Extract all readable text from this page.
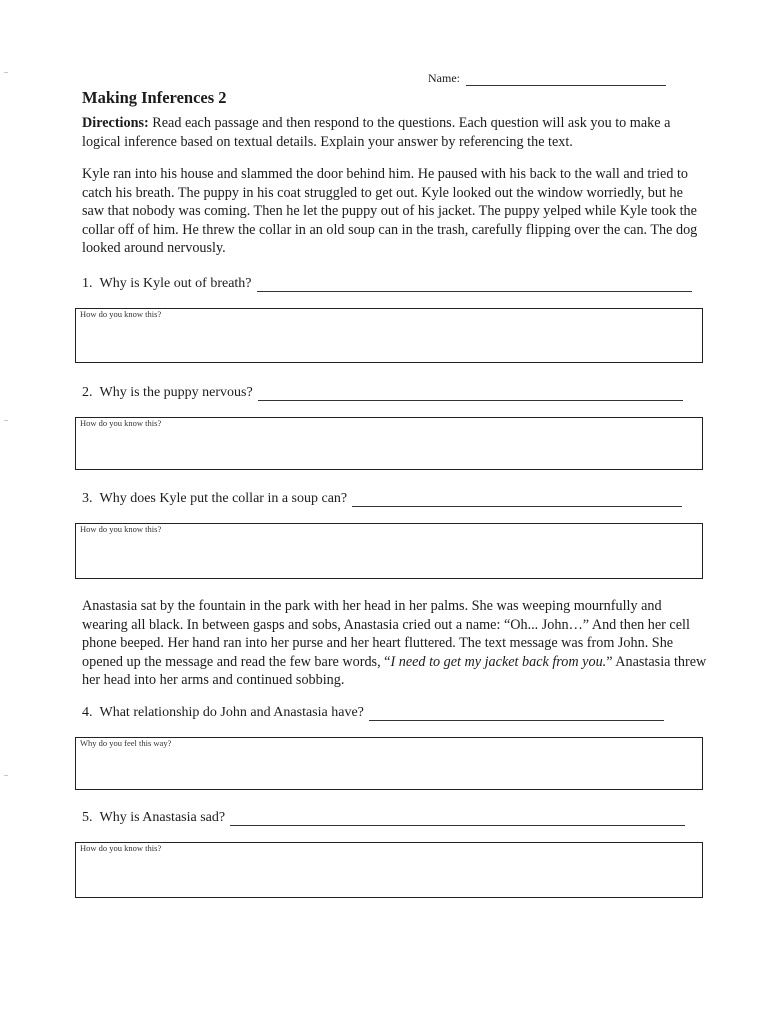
Name:
Making Inferences 2

Directions: Read each passage and then respond to the questions. Each question will ask you to make a logical inference based on textual details. Explain your answer by referencing the text.

Kyle ran into his house and slammed the door behind him. He paused with his back to the wall and tried to catch his breath. The puppy in his coat struggled to get out. Kyle looked out the window worriedly, but he saw that nobody was coming. Then he let the puppy out of his jacket. The puppy yelped while Kyle took the collar off of him. He threw the collar in an old soup can in the trash, carefully flipping over the can. The dog looked around nervously.

1.
Why is Kyle out of breath?
How do you know this?
2.
Why is the puppy nervous?
How do you know this?
3.
Why does Kyle put the collar in a soup can?
How do you know this?

Anastasia sat by the fountain in the park with her head in her palms. She was weeping mournfully and wearing all black. In between gasps and sobs, Anastasia cried out a name: “Oh... John…” And then her cell phone beeped. Her hand ran into her purse and her heart fluttered. The text message was from John. She opened up the message and read the few bare words, “I need to get my jacket back from you.” Anastasia threw her head into her arms and continued sobbing.

4.
What relationship do John and Anastasia have?
Why do you feel this way?
5.
Why is Anastasia sad?
How do you know this?
